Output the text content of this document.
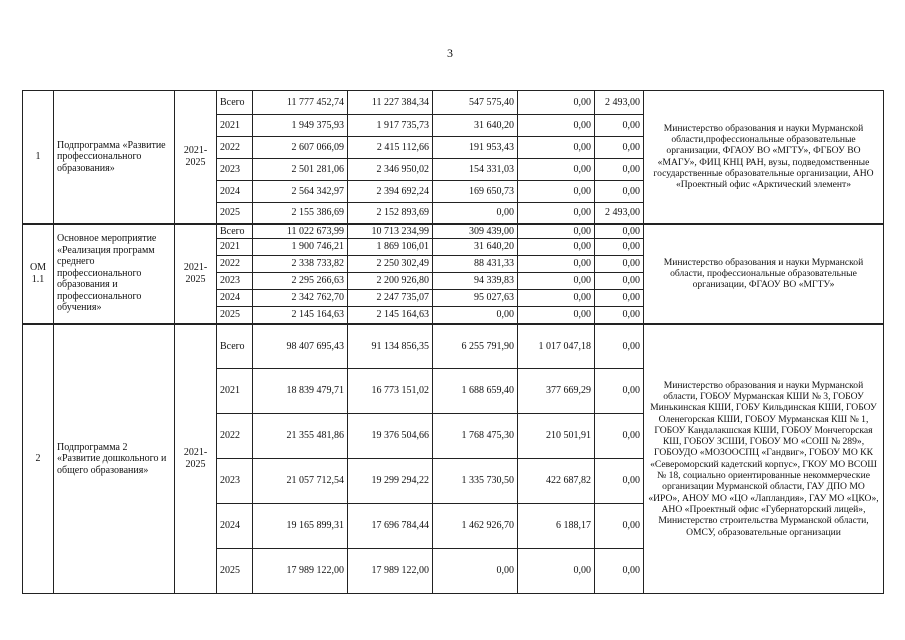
3
1	Подпрограмма «Развитие профессионального образования»	2021-2025	Всего	11 777 452,74	11 227 384,34	547 575,40	0,00	2 493,00	Министерство образования и науки Мурманской области,профессиональные образовательные организации, ФГАОУ ВО «МГТУ», ФГБОУ ВО «МАГУ», ФИЦ КНЦ РАН, вузы, подведомственные государственные образовательные организации, АНО «Проектный офис «Арктический элемент»
			2021	1 949 375,93	1 917 735,73	31 640,20	0,00	0,00	
			2022	2 607 066,09	2 415 112,66	191 953,43	0,00	0,00	
			2023	2 501 281,06	2 346 950,02	154 331,03	0,00	0,00	
			2024	2 564 342,97	2 394 692,24	169 650,73	0,00	0,00	
			2025	2 155 386,69	2 152 893,69	0,00	0,00	2 493,00	
ОМ 1.1	Основное мероприятие «Реализация программ среднего профессионального образования и профессионального обучения»	2021-2025	Всего	11 022 673,99	10 713 234,99	309 439,00	0,00	0,00	Министерство образования и науки Мурманской области, профессиональные образовательные организации, ФГАОУ ВО «МГТУ»
			2021	1 900 746,21	1 869 106,01	31 640,20	0,00	0,00	
			2022	2 338 733,82	2 250 302,49	88 431,33	0,00	0,00	
			2023	2 295 266,63	2 200 926,80	94 339,83	0,00	0,00	
			2024	2 342 762,70	2 247 735,07	95 027,63	0,00	0,00	
			2025	2 145 164,63	2 145 164,63	0,00	0,00	0,00	
2	Подпрограмма 2 «Развитие дошкольного и общего образования»	2021-2025	Всего	98 407 695,43	91 134 856,35	6 255 791,90	1 017 047,18	0,00	Министерство образования и науки Мурманской области, ГОБОУ Мурманская КШИ № 3, ГОБОУ Минькинская КШИ, ГОБУ Кильдинская КШИ, ГОБОУ Оленегорская КШИ, ГОБОУ Мурманская КШ № 1, ГОБОУ Кандалакшская КШИ, ГОБОУ Мончегорская КШ, ГОБОУ ЗСШИ, ГОБОУ МО «СОШ № 289», ГОБОУДО «МОЗООСПЦ «Гандвиг», ГОБОУ МО КК «Североморский кадетский корпус», ГКОУ МО ВСОШ № 18, социально ориентированные некоммерческие организации Мурманской области, ГАУ ДПО МО «ИРО», АНОУ МО «ЦО «Лапландия», ГАУ МО «ЦКО», АНО «Проектный офис «Губернаторский лицей», Министерство строительства Мурманской области, ОМСУ, образовательные организации
			2021	18 839 479,71	16 773 151,02	1 688 659,40	377 669,29	0,00	
			2022	21 355 481,86	19 376 504,66	1 768 475,30	210 501,91	0,00	
			2023	21 057 712,54	19 299 294,22	1 335 730,50	422 687,82	0,00	
			2024	19 165 899,31	17 696 784,44	1 462 926,70	6 188,17	0,00	
			2025	17 989 122,00	17 989 122,00	0,00	0,00	0,00	
